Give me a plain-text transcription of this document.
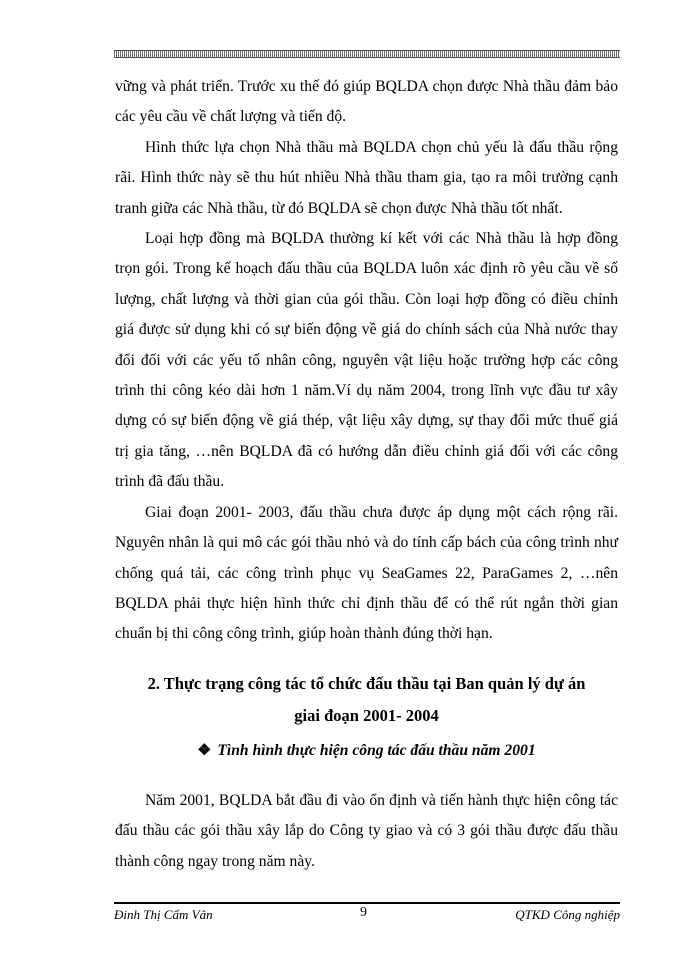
vững và phát triển. Trước xu thế đó giúp BQLDA chọn được Nhà thầu đảm bảo các yêu cầu về chất lượng và tiến độ.

Hình thức lựa chọn Nhà thầu mà BQLDA chọn chủ yếu là đấu thầu rộng rãi. Hình thức này sẽ thu hút nhiều Nhà thầu tham gia, tạo ra môi trường cạnh tranh giữa các Nhà thầu, từ đó BQLDA sẽ chọn được Nhà thầu tốt nhất.

Loại hợp đồng mà BQLDA thường kí kết với các Nhà thầu là hợp đồng trọn gói. Trong kế hoạch đấu thầu của BQLDA luôn xác định rõ yêu cầu về số lượng, chất lượng và thời gian của gói thầu. Còn loại hợp đồng có điều chỉnh giá được sử dụng khi có sự biến động về giá do chính sách của Nhà nước thay đổi đối với các yếu tố nhân công, nguyên vật liệu hoặc trường hợp các công trình thi công kéo dài hơn 1 năm.Ví dụ năm 2004, trong lĩnh vực đầu tư xây dựng có sự biến động về giá thép, vật liệu xây dựng, sự thay đổi mức thuế giá trị gia tăng, …nên BQLDA đã có hướng dẫn điều chỉnh giá đối với các công trình đã đấu thầu.

Giai đoạn 2001- 2003, đấu thầu chưa được áp dụng một cách rộng rãi. Nguyên nhân là qui mô các gói thầu nhỏ và do tính cấp bách của công trình như chống quá tải, các công trình phục vụ SeaGames 22, ParaGames 2, …nên BQLDA phải thực hiện hình thức chỉ định thầu để có thể rút ngắn thời gian chuẩn bị thi công công trình, giúp hoàn thành đúng thời hạn.

2. Thực trạng công tác tổ chức đấu thầu tại Ban quản lý dự án
giai đoạn 2001- 2004
❖ Tình hình thực hiện công tác đấu thầu năm 2001

Năm 2001, BQLDA bắt đầu đi vào ổn định và tiến hành thực hiện công tác đấu thầu các gói thầu xây lắp do Công ty giao và có 3 gói thầu được đấu thầu thành công ngay trong năm này.

Đinh Thị Cẩm Vân	9	QTKD Công nghiệp
